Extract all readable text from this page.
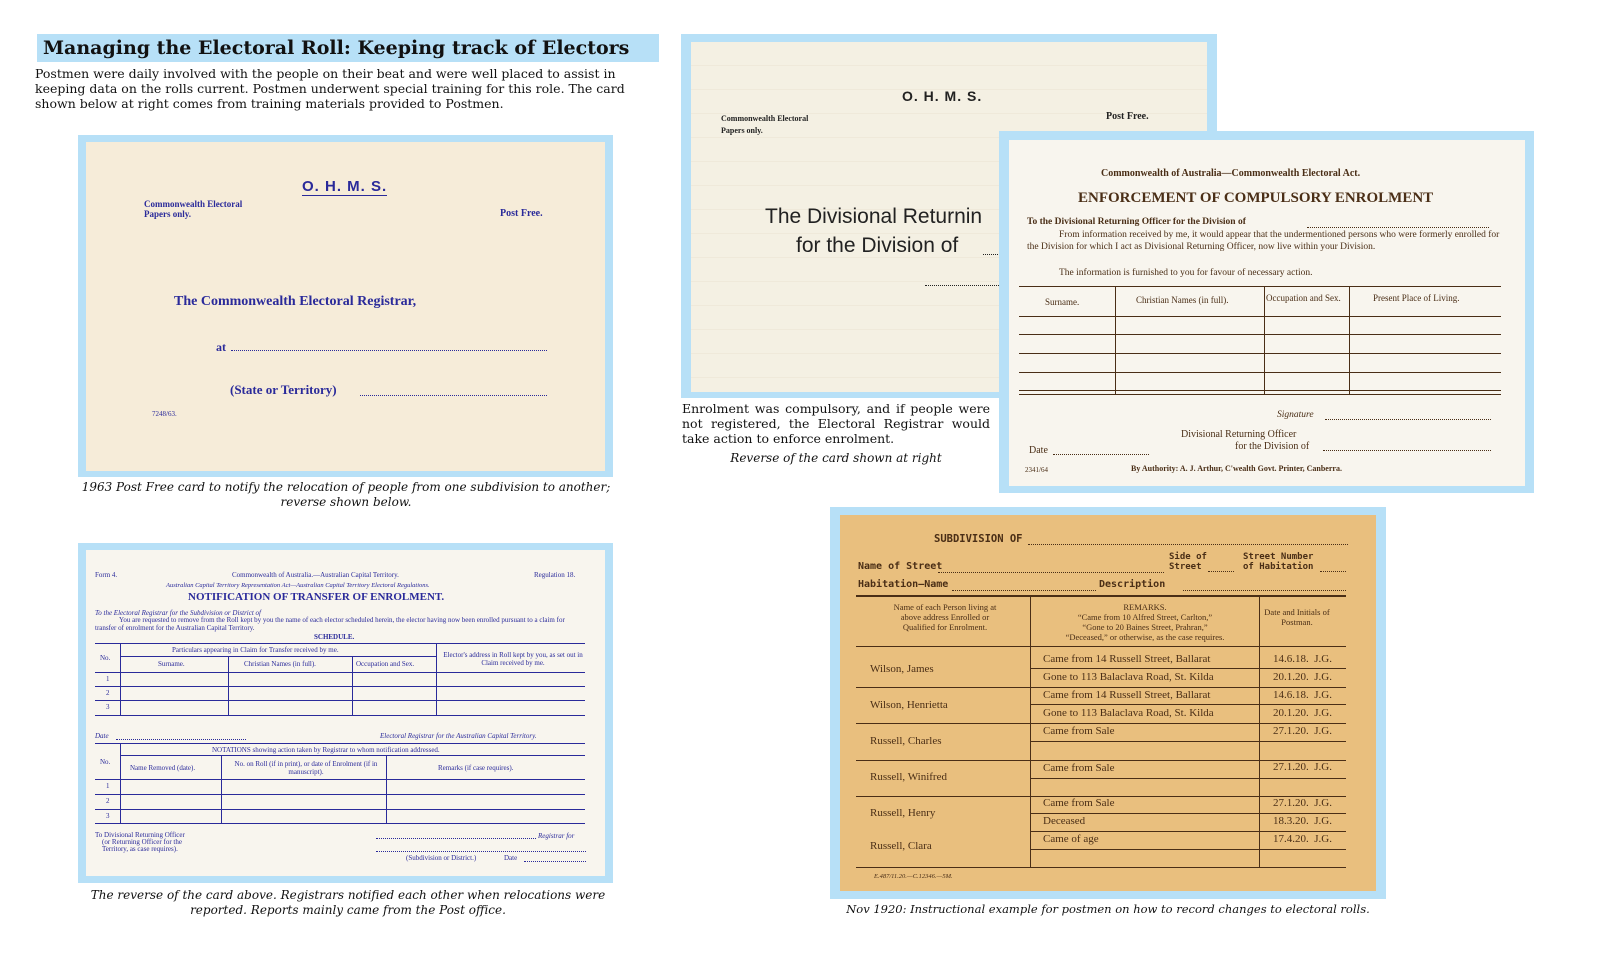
Managing the Electoral Roll: Keeping track of Electors
Postmen were daily involved with the people on their beat and were well placed to assist in keeping data on the rolls current. Postmen underwent special training for this role. The card shown below at right comes from training materials provided to Postmen.
O. H. M. S.
Commonwealth Electoral
Papers only.	Post Free.
The Commonwealth Electoral Registrar,
at
(State or Territory)
7248/63.
1963 Post Free card to notify the relocation of people from one subdivision to another; reverse shown below.
Form 4.	Commonwealth of Australia.—Australian Capital Territory.	Regulation 18.
Australian Capital Territory Representation Act—Australian Capital Territory Electoral Regulations.
NOTIFICATION OF TRANSFER OF ENROLMENT.
To the Electoral Registrar for the Subdivision or District of
You are requested to remove from the Roll kept by you the name of each elector scheduled herein, the elector having now been enrolled pursuant to a claim for transfer of enrolment for the Australian Capital Territory.
SCHEDULE.
No.
Particulars appearing in Claim for Transfer received by me.
Elector's address in Roll kept by you, as set out in Claim received by me.
Surname.	Christian Names (in full).	Occupation and Sex.
1
2
3
Date	Electoral Registrar for the Australian Capital Territory.
NOTATIONS showing action taken by Registrar to whom notification addressed.
No.
Name Removed (date).	No. on Roll (if in print), or date of Enrolment (if in manuscript).	Remarks (if case requires).
1
2
3
To Divisional Returning Officer
(or Returning Officer for the
Territory, as case requires).
Registrar for
(Subdivision or District.)	Date
The reverse of the card above. Registrars notified each other when relocations were reported. Reports mainly came from the Post office.
O. H. M. S.
Commonwealth Electoral
Papers only.
Post Free.
The Divisional Returnin
for the Division of
Enrolment was compulsory, and if people were not registered, the Electoral Registrar would take action to enforce enrolment.
Reverse of the card shown at right
Commonwealth of Australia—Commonwealth Electoral Act.
ENFORCEMENT OF COMPULSORY ENROLMENT
To the Divisional Returning Officer for the Division of
From information received by me, it would appear that the undermentioned persons who were formerly enrolled for the Division for which I act as Divisional Returning Officer, now live within your Division.
The information is furnished to you for favour of necessary action.
Surname.	Christian Names (in full).	Occupation and Sex.	Present Place of Living.
Signature
Divisional Returning Officer
for the Division of
Date
2341/64	By Authority: A. J. Arthur, C'wealth Govt. Printer, Canberra.
SUBDIVISION OF
Name of Street
Side of
Street
Street Number
of Habitation
Habitation—Name	Description
Name of each Person living at above address Enrolled or Qualified for Enrolment.
REMARKS.
“Came from 10 Alfred Street, Carlton,”
“Gone to 20 Baines Street, Prahran,”
“Deceased,” or otherwise, as the case requires.
Date and Initials of Postman.
Wilson, James
Came from 14 Russell Street, Ballarat	14.6.18.  J.G.
Gone to 113 Balaclava Road, St. Kilda	20.1.20.  J.G.
Wilson, Henrietta
Came from 14 Russell Street, Ballarat	14.6.18.  J.G.
Gone to 113 Balaclava Road, St. Kilda	20.1.20.  J.G.
Russell, Charles
Came from Sale	27.1.20.  J.G.
Russell, Winifred
Came from Sale	27.1.20.  J.G.
Russell, Henry
Came from Sale	27.1.20.  J.G.
Deceased	18.3.20.  J.G.
Russell, Clara
Came of age	17.4.20.  J.G.
E.487/11.20.—C.12346.—5M.
Nov 1920: Instructional example for postmen on how to record changes to electoral rolls.
